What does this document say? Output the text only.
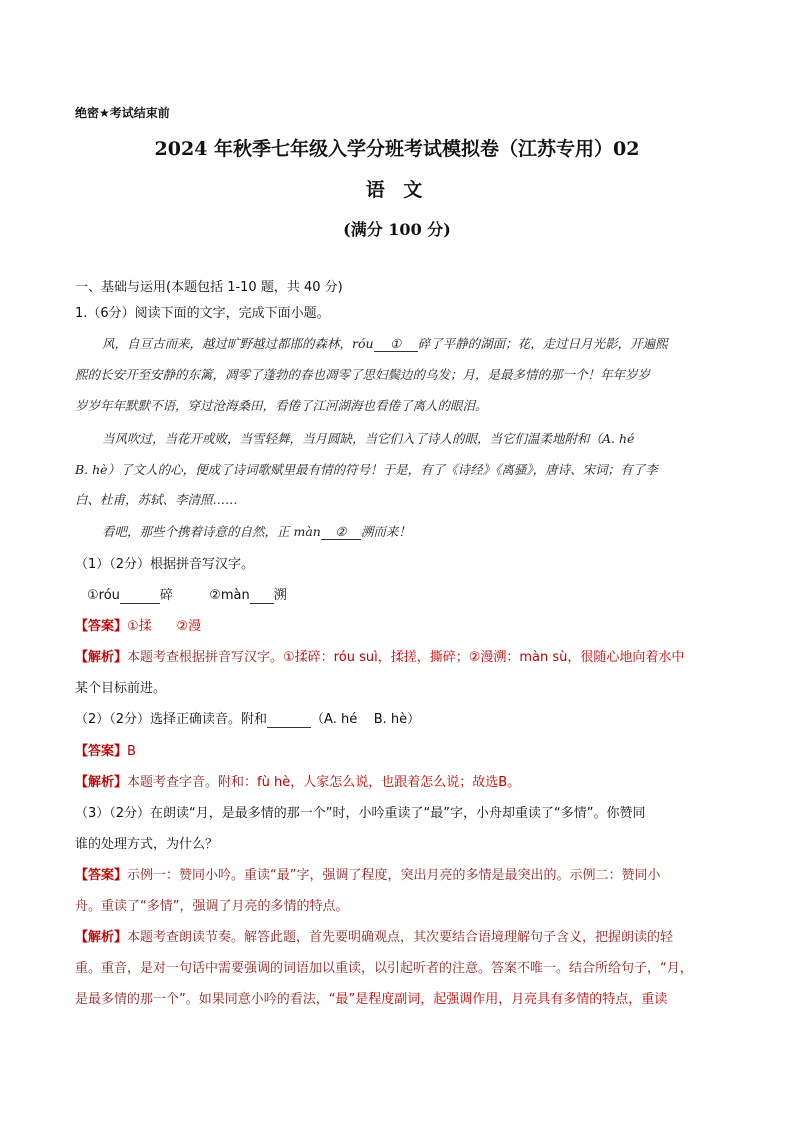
绝密★考试结束前
2024 年秋季七年级入学分班考试模拟卷（江苏专用）02
语 文
(满分 100 分)
一、基础与运用(本题包括 1-10 题，共 40 分)
1.（6分）阅读下面的文字，完成下面小题。
风，自亘古而来，越过旷野越过都邯的森林，róu ① 碎了平静的湖面；花，走过日月光影，开遍熙
熙的长安开至安静的东篱，凋零了蓬勃的春也凋零了思妇鬓边的乌发；月，是最多情的那一个！年年岁岁
岁岁年年默默不语，穿过沧海桑田，看倦了江河湖海也看倦了离人的眼泪。
当风吹过，当花开或败，当雪轻舞，当月圆缺，当它们入了诗人的眼，当它们温柔地附和（A. hé
B. hè）了文人的心，便成了诗词歌赋里最有情的符号！于是，有了《诗经》《离骚》，唐诗、宋词；有了李
白、杜甫，苏轼、李清照……
看吧，那些个携着诗意的自然，正 màn ② 溯而来！
（1）（2分）根据拼音写汉字。
①róu	碎	②màn 溯
【答案】①揉      ②漫
【解析】本题考查根据拼音写汉字。①揉碎：róu suì，揉搓，撕碎；②漫溯：màn sù，很随心地向着水中
某个目标前进。
（2）（2分）选择正确读音。附和	（A. hé    B. hè）
【答案】B
【解析】本题考查字音。附和：fù hè，人家怎么说，也跟着怎么说；故选B。
（3）（2分）在朗读“月，是最多情的那一个”时，小吟重读了“最”字，小舟却重读了“多情”。你赞同
谁的处理方式，为什么？
【答案】示例一：赞同小吟。重读“最”字，强调了程度，突出月亮的多情是最突出的。示例二：赞同小
舟。重读了“多情”，强调了月亮的多情的特点。
【解析】本题考查朗读节奏。解答此题，首先要明确观点，其次要结合语境理解句子含义，把握朗读的轻
重。重音，是对一句话中需要强调的词语加以重读，以引起听者的注意。答案不唯一。结合所给句子，“月，
是最多情的那一个”。如果同意小吟的看法，“最”是程度副词，起强调作用，月亮具有多情的特点，重读
